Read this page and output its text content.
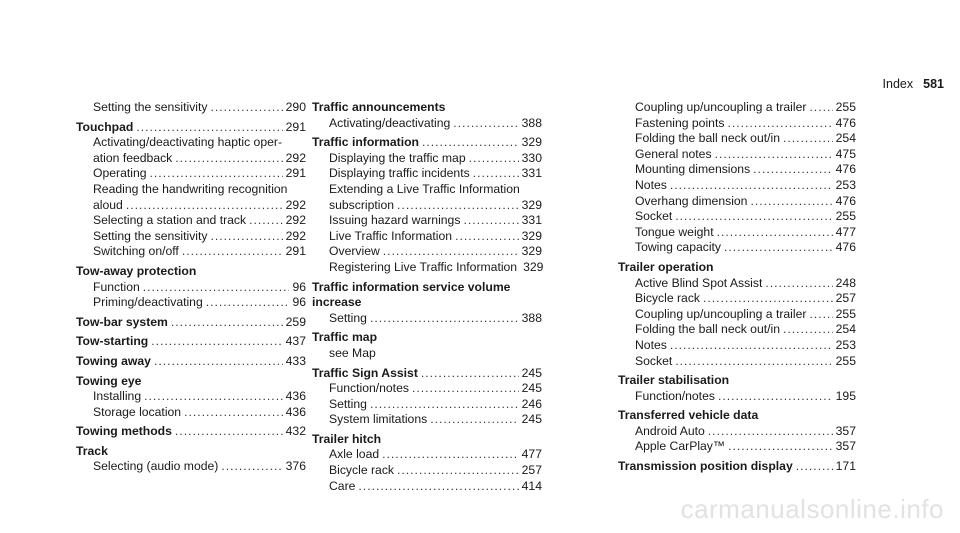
Index 581
Setting the sensitivity .....	290
Touchpad .....	291
Activating/deactivating haptic oper-
ation feedback .....	292
Operating .....	291
Reading the handwriting recognition
aloud .....	292
Selecting a station and track .....	292
Setting the sensitivity .....	292
Switching on/off .....	291
Tow-away protection
Function .....	96
Priming/deactivating .....	96
Tow-bar system .....	259
Tow-starting .....	437
Towing away .....	433
Towing eye
Installing .....	436
Storage location .....	436
Towing methods .....	432
Track
Selecting (audio mode) .....	376
Traffic announcements
Activating/deactivating .....	388
Traffic information .....	329
Displaying the traffic map .....	330
Displaying traffic incidents .....	331
Extending a Live Traffic Information
subscription .....	329
Issuing hazard warnings .....	331
Live Traffic Information .....	329
Overview .....	329
Registering Live Traffic Information 329
Traffic information service volume
increase
Setting .....	388
Traffic map
see Map
Traffic Sign Assist .....	245
Function/notes .....	245
Setting .....	246
System limitations .....	245
Trailer hitch
Axle load .....	477
Bicycle rack .....	257
Care .....	414
Coupling up/uncoupling a trailer ..... 255
Fastening points .....	476
Folding the ball neck out/in .....	254
General notes .....	475
Mounting dimensions .....	476
Notes .....	253
Overhang dimension .....	476
Socket .....	255
Tongue weight .....	477
Towing capacity .....	476
Trailer operation
Active Blind Spot Assist .....	248
Bicycle rack .....	257
Coupling up/uncoupling a trailer ..... 255
Folding the ball neck out/in .....	254
Notes .....	253
Socket .....	255
Trailer stabilisation
Function/notes .....	195
Transferred vehicle data
Android Auto .....	357
Apple CarPlay™ .....	357
Transmission position display .....	171
carmanualsonline.info
